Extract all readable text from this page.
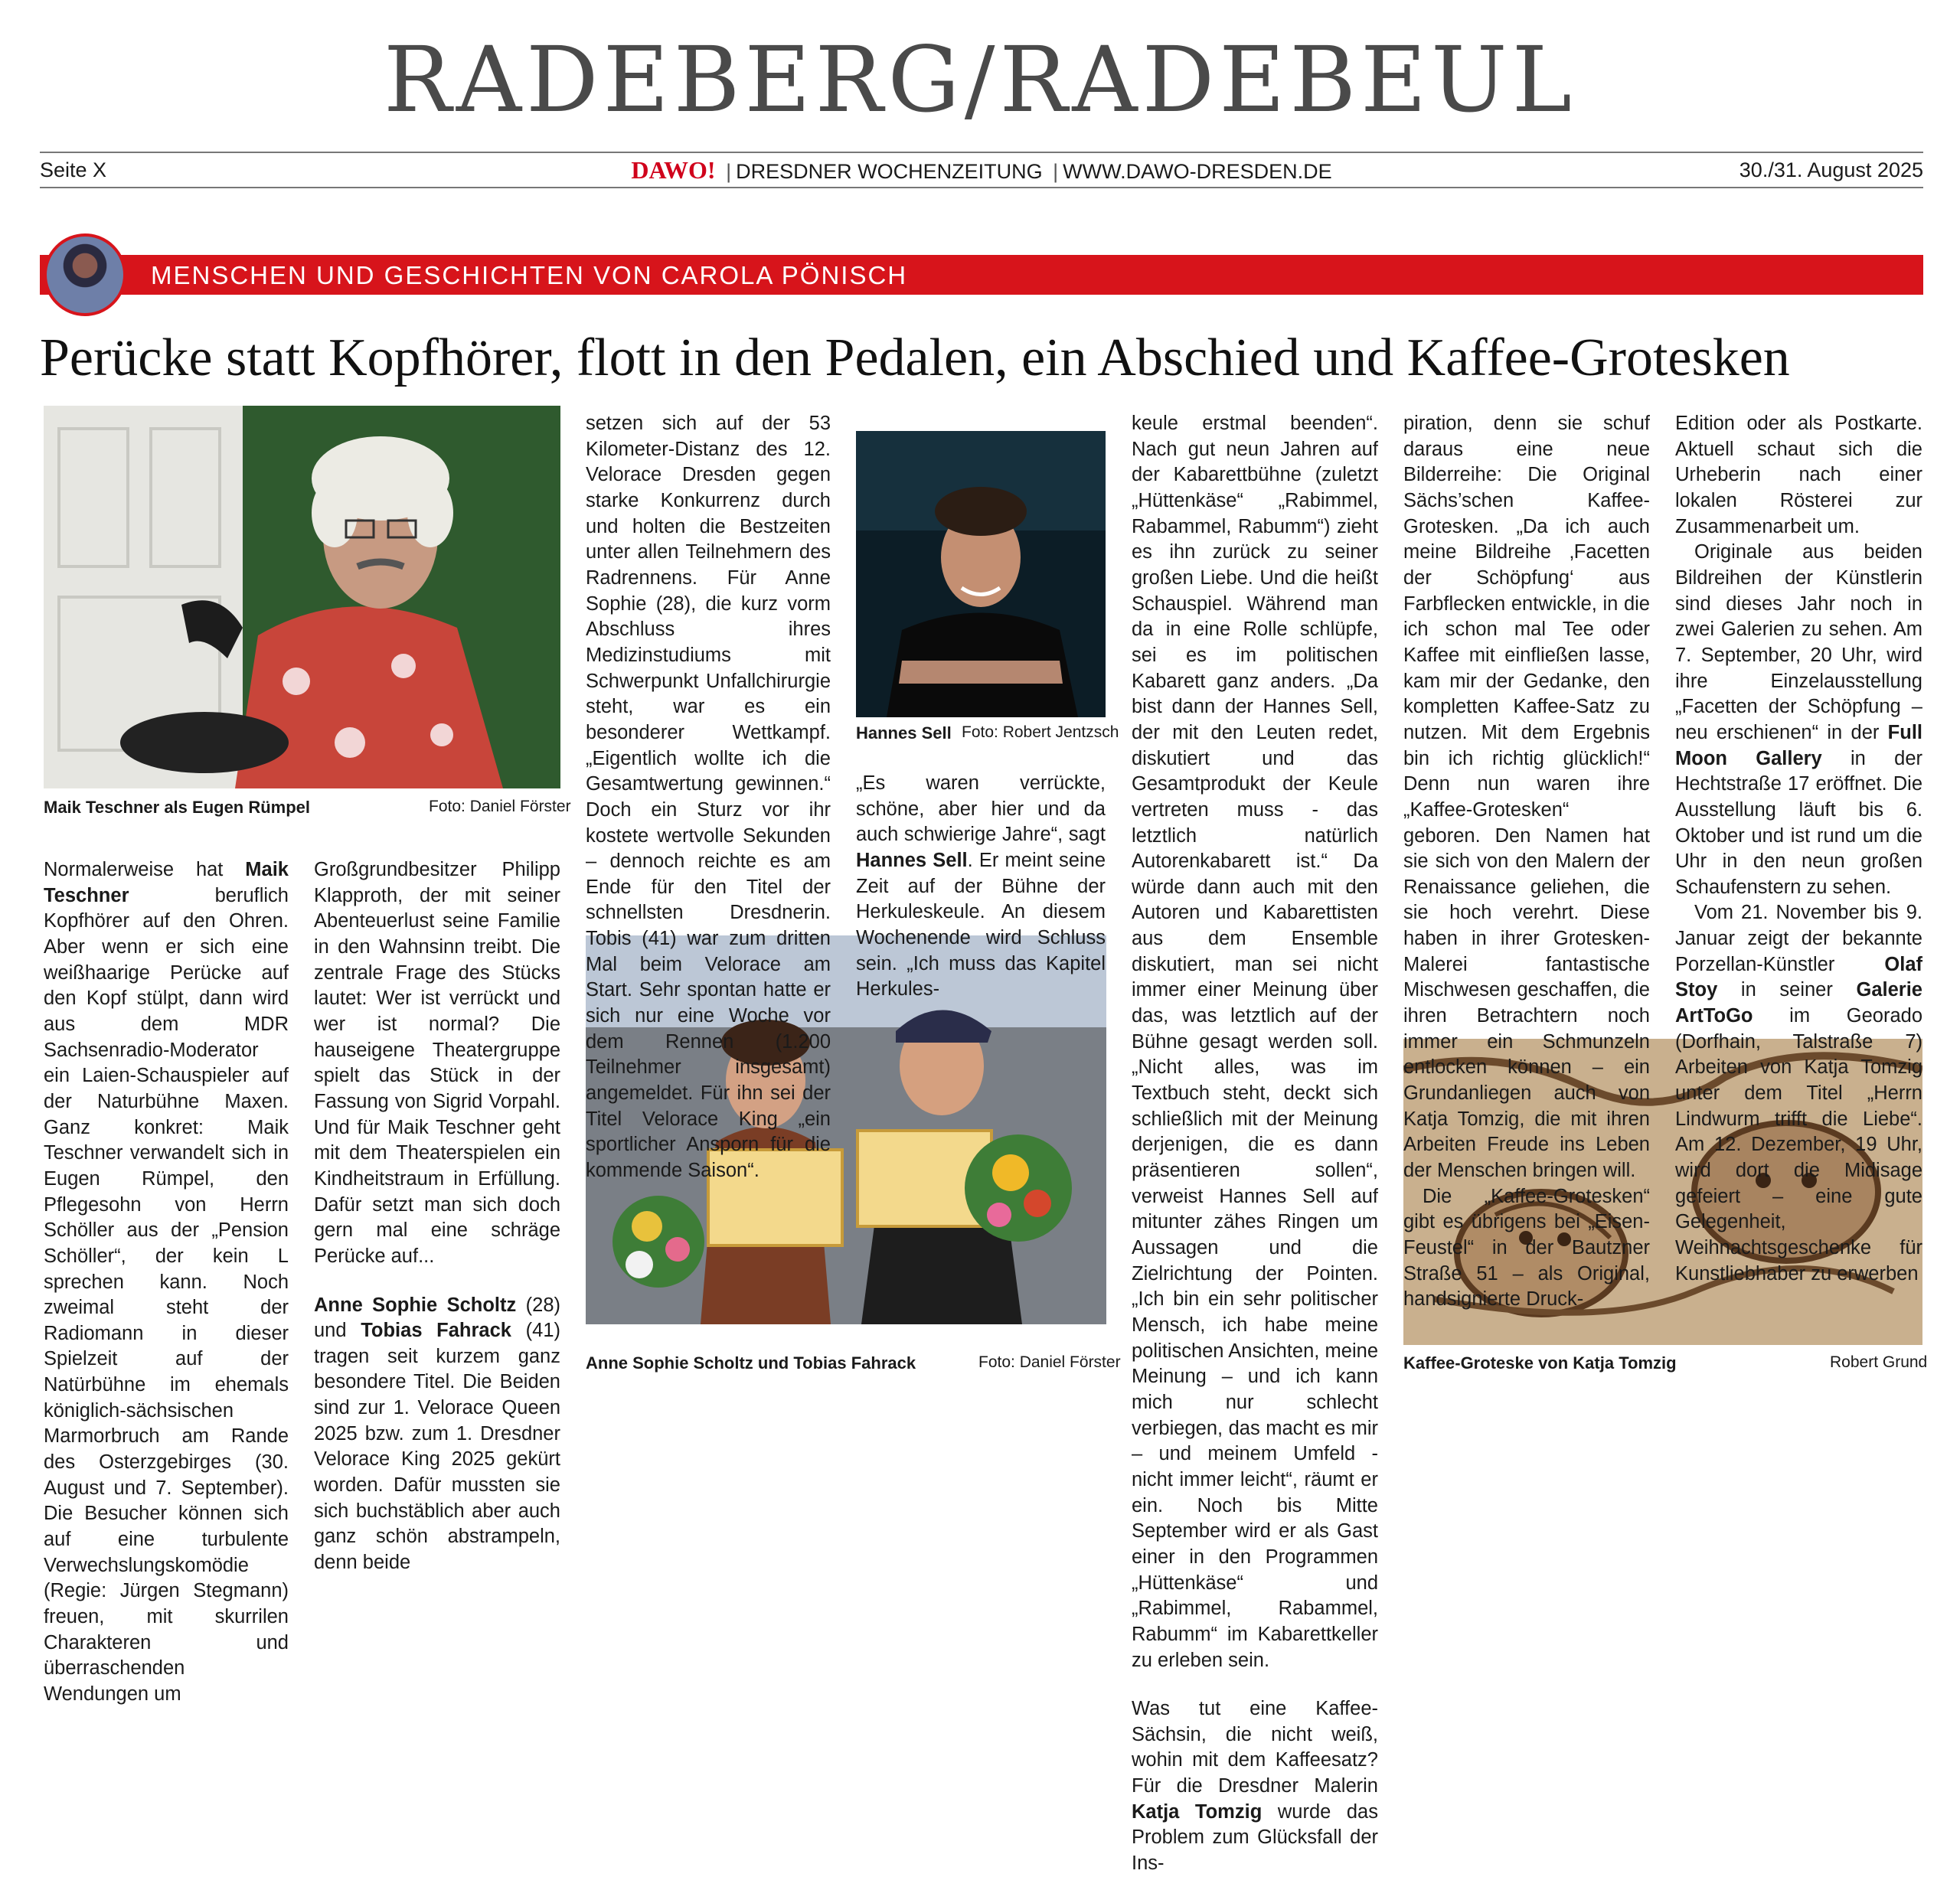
RADEBERG/RADEBEUL
Seite X	DAWO! | DRESDNER WOCHENZEITUNG | WWW.DAWO-DRESDEN.DE	30./31. August 2025
MENSCHEN UND GESCHICHTEN VON CAROLA PÖNISCH
Perücke statt Kopfhörer, flott in den Pedalen, ein Abschied und Kaffee-Grotesken
Maik Teschner als Eugen Rümpel	Foto: Daniel Förster
Hannes Sell Foto: Robert Jentzsch
Anne Sophie Scholtz und Tobias Fahrack	Foto: Daniel Förster	Kaffee-Groteske von Katja Tomzig	Robert Grund

Normalerweise hat Maik Teschner beruflich Kopfhörer auf den Ohren. Aber wenn er sich eine weißhaarige Perücke auf den Kopf stülpt, dann wird aus dem MDR Sachsenradio-Moderator ein Laien-Schauspieler auf der Naturbühne Maxen. Ganz konkret: Maik Teschner verwandelt sich in Eugen Rümpel, den Pflegesohn von Herrn Schöller aus der „Pension Schöller“, der kein L sprechen kann. Noch zweimal steht der Radiomann in dieser Spielzeit auf der Natürbühne im ehemals königlich-sächsischen Marmorbruch am Rande des Osterzgebirges (30. August und 7. September). Die Besucher können sich auf eine turbulente Verwechslungskomödie (Regie: Jürgen Stegmann) freuen, mit skurrilen Charakteren und überraschenden Wendungen um

Großgrundbesitzer Philipp Klapproth, der mit seiner Abenteuerlust seine Familie in den Wahnsinn treibt. Die zentrale Frage des Stücks lautet: Wer ist verrückt und wer ist normal? Die hauseigene Theatergruppe spielt das Stück in der Fassung von Sigrid Vorpahl. Und für Maik Teschner geht mit dem Theaterspielen ein Kindheitstraum in Erfüllung. Dafür setzt man sich doch gern mal eine schräge Perücke auf...

Anne Sophie Scholtz (28) und Tobias Fahrack (41) tragen seit kurzem ganz besondere Titel. Die Beiden sind zur 1. Velorace Queen 2025 bzw. zum 1. Dresdner Velorace King 2025 gekürt worden. Dafür mussten sie sich buchstäblich aber auch ganz schön abstrampeln, denn beide

setzen sich auf der 53 Kilometer-Distanz des 12. Velorace Dresden gegen starke Konkurrenz durch und holten die Bestzeiten unter allen Teilnehmern des Radrennens. Für Anne Sophie (28), die kurz vorm Abschluss ihres Medizinstudiums mit Schwerpunkt Unfallchirurgie steht, war es ein besonderer Wettkampf. „Eigentlich wollte ich die Gesamtwertung gewinnen.“ Doch ein Sturz vor ihr kostete wertvolle Sekunden – dennoch reichte es am Ende für den Titel der schnellsten Dresdnerin. Tobis (41) war zum dritten Mal beim Velorace am Start. Sehr spontan hatte er sich nur eine Woche vor dem Rennen (1.200 Teilnehmer insgesamt) angemeldet. Für ihn sei der Titel Velorace King „ein sportlicher Ansporn für die kommende Saison“.

„Es waren verrückte, schöne, aber hier und da auch schwierige Jahre“, sagt Hannes Sell. Er meint seine Zeit auf der Bühne der Herkuleskeule. An diesem Wochenende wird Schluss sein. „Ich muss das Kapitel Herkules-

keule erstmal beenden“. Nach gut neun Jahren auf der Kabarettbühne (zuletzt „Hüttenkäse“ „Rabimmel, Rabammel, Rabumm“) zieht es ihn zurück zu seiner großen Liebe. Und die heißt Schauspiel. Während man da in eine Rolle schlüpfe, sei es im politischen Kabarett ganz anders. „Da bist dann der Hannes Sell, der mit den Leuten redet, diskutiert und das Gesamtprodukt der Keule vertreten muss - das letztlich natürlich Autorenkabarett ist.“ Da würde dann auch mit den Autoren und Kabarettisten aus dem Ensemble diskutiert, man sei nicht immer einer Meinung über das, was letztlich auf der Bühne gesagt werden soll. „Nicht alles, was im Textbuch steht, deckt sich schließlich mit der Meinung derjenigen, die es dann präsentieren sollen“, verweist Hannes Sell auf mitunter zähes Ringen um Aussagen und die Zielrichtung der Pointen. „Ich bin ein sehr politischer Mensch, ich habe meine politischen Ansichten, meine Meinung – und ich kann mich nur schlecht verbiegen, das macht es mir – und meinem Umfeld - nicht immer leicht“, räumt er ein. Noch bis Mitte September wird er als Gast einer in den Programmen „Hüttenkäse“ und „Rabimmel, Rabammel, Rabumm“ im Kabarettkeller zu erleben sein.

Was tut eine Kaffee-Sächsin, die nicht weiß, wohin mit dem Kaffeesatz? Für die Dresdner Malerin Katja Tomzig wurde das Problem zum Glücksfall der Ins-

piration, denn sie schuf daraus eine neue Bilderreihe: Die Original Sächs’schen Kaffee-Grotesken. „Da ich auch meine Bildreihe ‚Facetten der Schöpfung‘ aus Farbflecken entwickle, in die ich schon mal Tee oder Kaffee mit einfließen lasse, kam mir der Gedanke, den kompletten Kaffee-Satz zu nutzen. Mit dem Ergebnis bin ich richtig glücklich!“ Denn nun waren ihre „Kaffee-Grotesken“ geboren. Den Namen hat sie sich von den Malern der Renaissance geliehen, die sie hoch verehrt. Diese haben in ihrer Grotesken-Malerei fantastische Mischwesen geschaffen, die ihren Betrachtern noch immer ein Schmunzeln entlocken können – ein Grundanliegen auch von Katja Tomzig, die mit ihren Arbeiten Freude ins Leben der Menschen bringen will.

Die „Kaffee-Grotesken“ gibt es übrigens bei „Eisen-Feustel“ in der Bautzner Straße 51 – als Original, handsignierte Druck-

Edition oder als Postkarte. Aktuell schaut sich die Urheberin nach einer lokalen Rösterei zur Zusammenarbeit um.

Originale aus beiden Bildreihen der Künstlerin sind dieses Jahr noch in zwei Galerien zu sehen. Am 7. September, 20 Uhr, wird ihre Einzelausstellung „Facetten der Schöpfung – neu erschienen“ in der Full Moon Gallery in der Hechtstraße 17 eröffnet. Die Ausstellung läuft bis 6. Oktober und ist rund um die Uhr in den neun großen Schaufenstern zu sehen.

Vom 21. November bis 9. Januar zeigt der bekannte Porzellan-Künstler Olaf Stoy in seiner Galerie ArtToGo im Georado (Dorfhain, Talstraße 7) Arbeiten von Katja Tomzig unter dem Titel „Herrn Lindwurm trifft die Liebe“. Am 12. Dezember, 19 Uhr, wird dort die Midisage gefeiert – eine gute Gelegenheit, Weihnachtsgeschenke für Kunstliebhaber zu erwerben
